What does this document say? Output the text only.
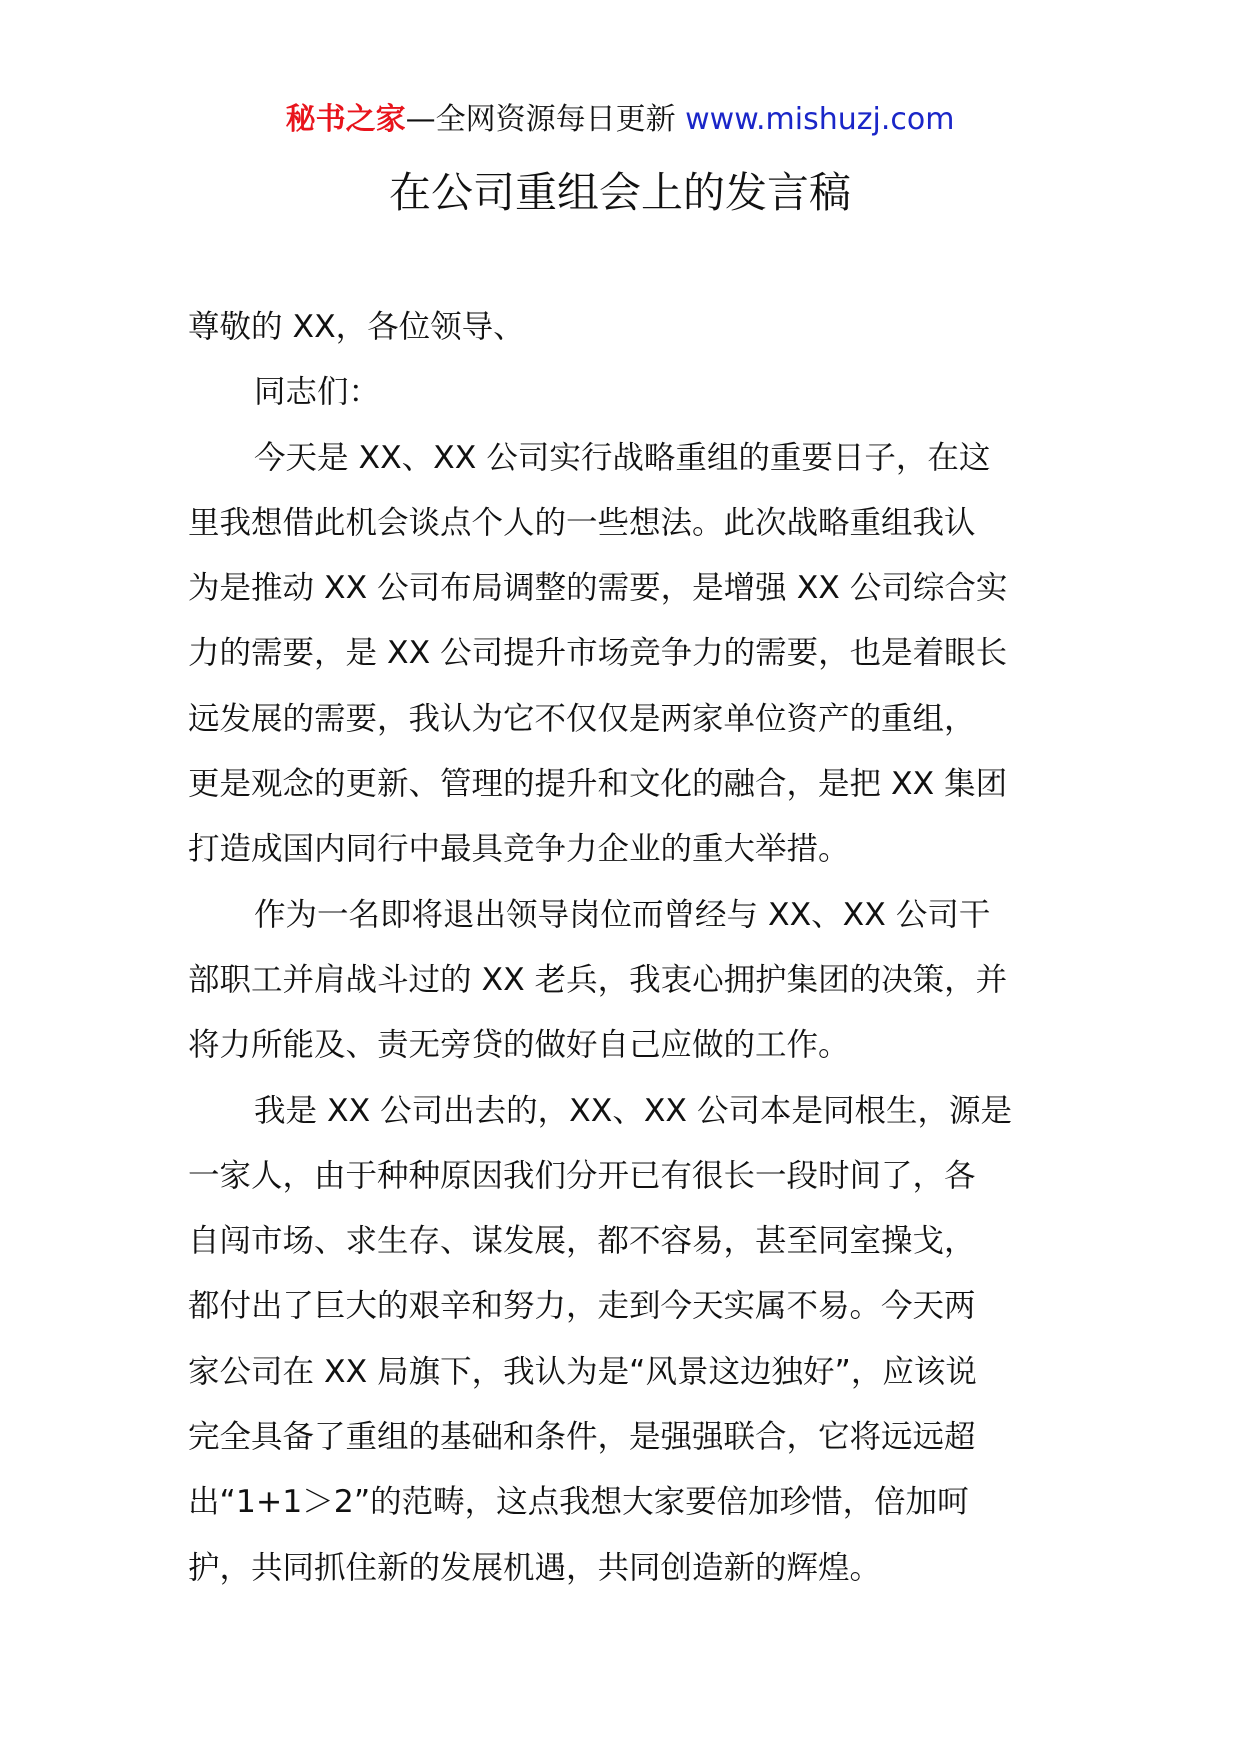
秘书之家—全网资源每日更新 www.mishuzj.com
在公司重组会上的发言稿
尊敬的 XX，各位领导、
同志们：
今天是 XX、XX 公司实行战略重组的重要日子，在这
里我想借此机会谈点个人的一些想法。此次战略重组我认
为是推动 XX 公司布局调整的需要，是增强 XX 公司综合实
力的需要，是 XX 公司提升市场竞争力的需要，也是着眼长
远发展的需要，我认为它不仅仅是两家单位资产的重组，
更是观念的更新、管理的提升和文化的融合，是把 XX 集团
打造成国内同行中最具竞争力企业的重大举措。
作为一名即将退出领导岗位而曾经与 XX、XX 公司干
部职工并肩战斗过的 XX 老兵，我衷心拥护集团的决策，并
将力所能及、责无旁贷的做好自己应做的工作。
我是 XX 公司出去的，XX、XX 公司本是同根生，源是
一家人，由于种种原因我们分开已有很长一段时间了，各
自闯市场、求生存、谋发展，都不容易，甚至同室操戈，
都付出了巨大的艰辛和努力，走到今天实属不易。今天两
家公司在 XX 局旗下，我认为是“风景这边独好”，应该说
完全具备了重组的基础和条件，是强强联合，它将远远超
出“1+1＞2”的范畴，这点我想大家要倍加珍惜，倍加呵
护，共同抓住新的发展机遇，共同创造新的辉煌。
